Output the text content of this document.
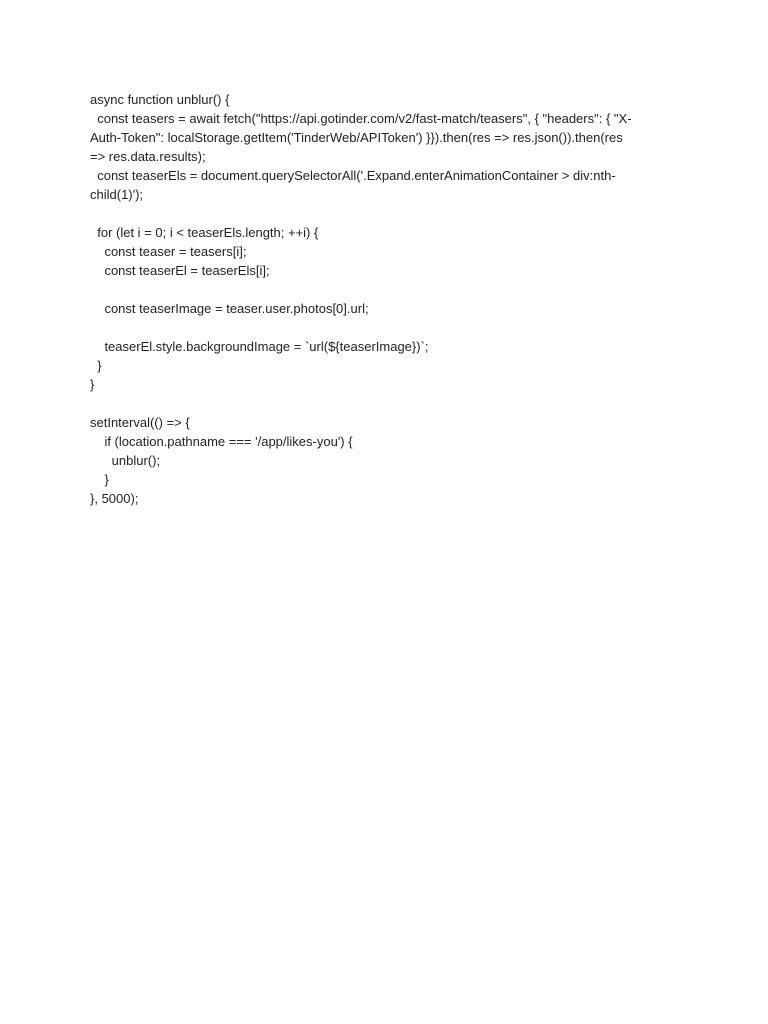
async function unblur() {
const teasers = await fetch("https://api.gotinder.com/v2/fast-match/teasers", { "headers": { "X-
Auth-Token": localStorage.getItem('TinderWeb/APIToken') }}).then(res => res.json()).then(res
=> res.data.results);
const teaserEls = document.querySelectorAll('.Expand.enterAnimationContainer > div:nth-
child(1)');
for (let i = 0; i < teaserEls.length; ++i) {
const teaser = teasers[i];
const teaserEl = teaserEls[i];
const teaserImage = teaser.user.photos[0].url;
teaserEl.style.backgroundImage = `url(${teaserImage})`;
}
}
setInterval(() => {
if (location.pathname === '/app/likes-you') {
unblur();
}
}, 5000);
